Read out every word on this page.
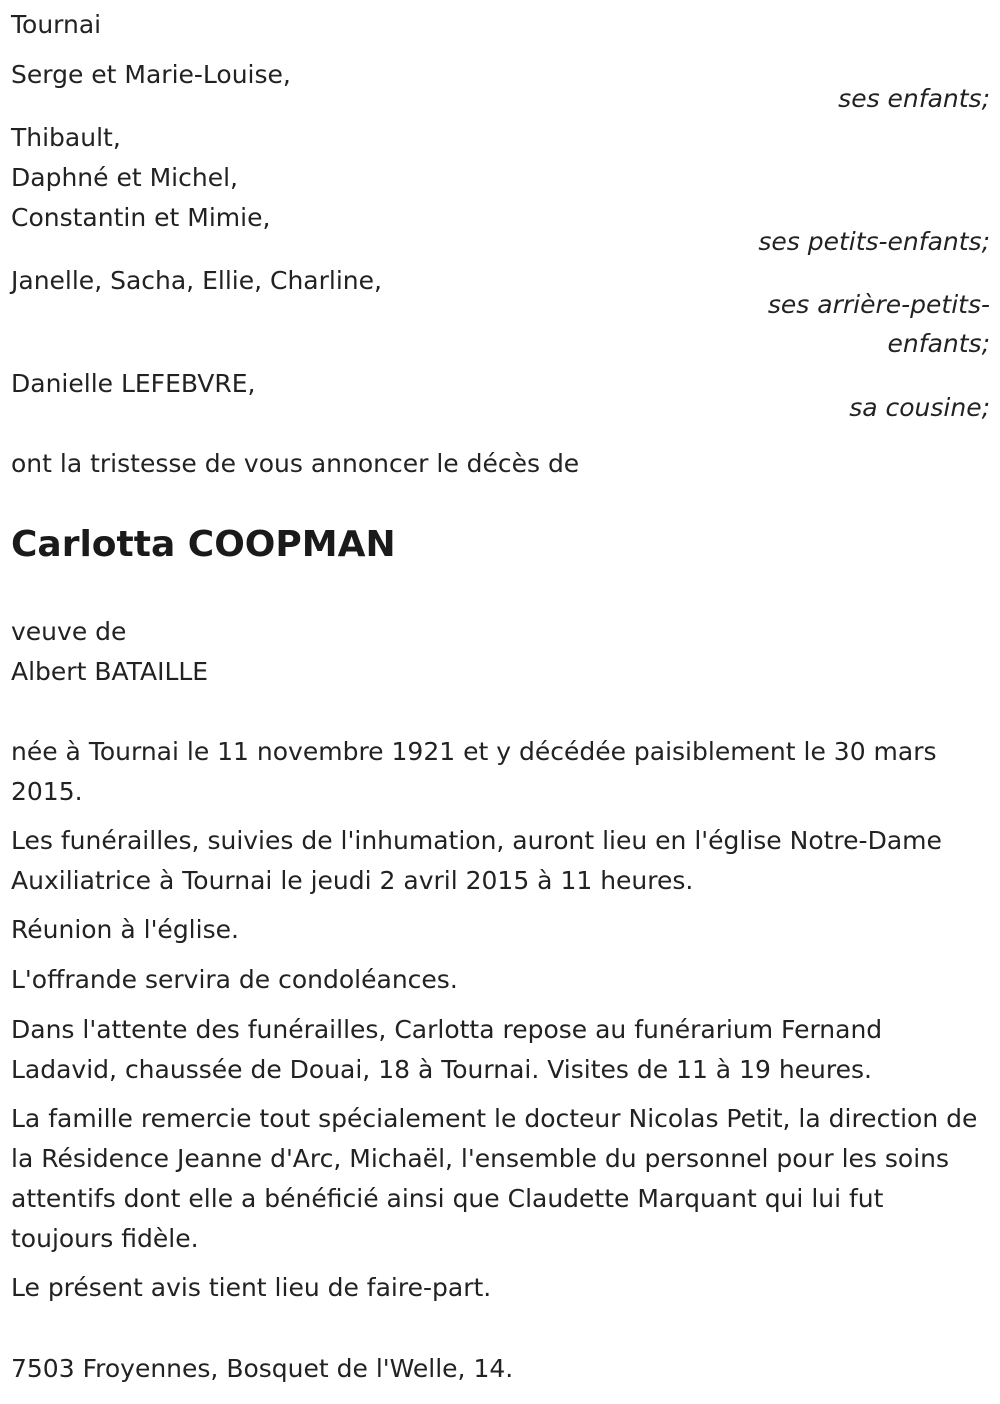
Tournai
Serge et Marie-Louise,
ses enfants;
Thibault,
Daphné et Michel,
Constantin et Mimie,
ses petits-enfants;
Janelle, Sacha, Ellie, Charline,
ses arrière-petits-
enfants;
Danielle LEFEBVRE,
sa cousine;
ont la tristesse de vous annoncer le décès de
Carlotta COOPMAN
veuve de
Albert BATAILLE
née à Tournai le 11 novembre 1921 et y décédée paisiblement le 30 mars 2015.
Les funérailles, suivies de l'inhumation, auront lieu en l'église Notre-Dame Auxiliatrice à Tournai le jeudi 2 avril 2015 à 11 heures.
Réunion à l'église.
L'offrande servira de condoléances.
Dans l'attente des funérailles, Carlotta repose au funérarium Fernand Ladavid, chaussée de Douai, 18 à Tournai. Visites de 11 à 19 heures.
La famille remercie tout spécialement le docteur Nicolas Petit, la direction de la Résidence Jeanne d'Arc, Michaël, l'ensemble du personnel pour les soins attentifs dont elle a bénéficié ainsi que Claudette Marquant qui lui fut toujours fidèle.
Le présent avis tient lieu de faire-part.
7503 Froyennes, Bosquet de l'Welle, 14.
